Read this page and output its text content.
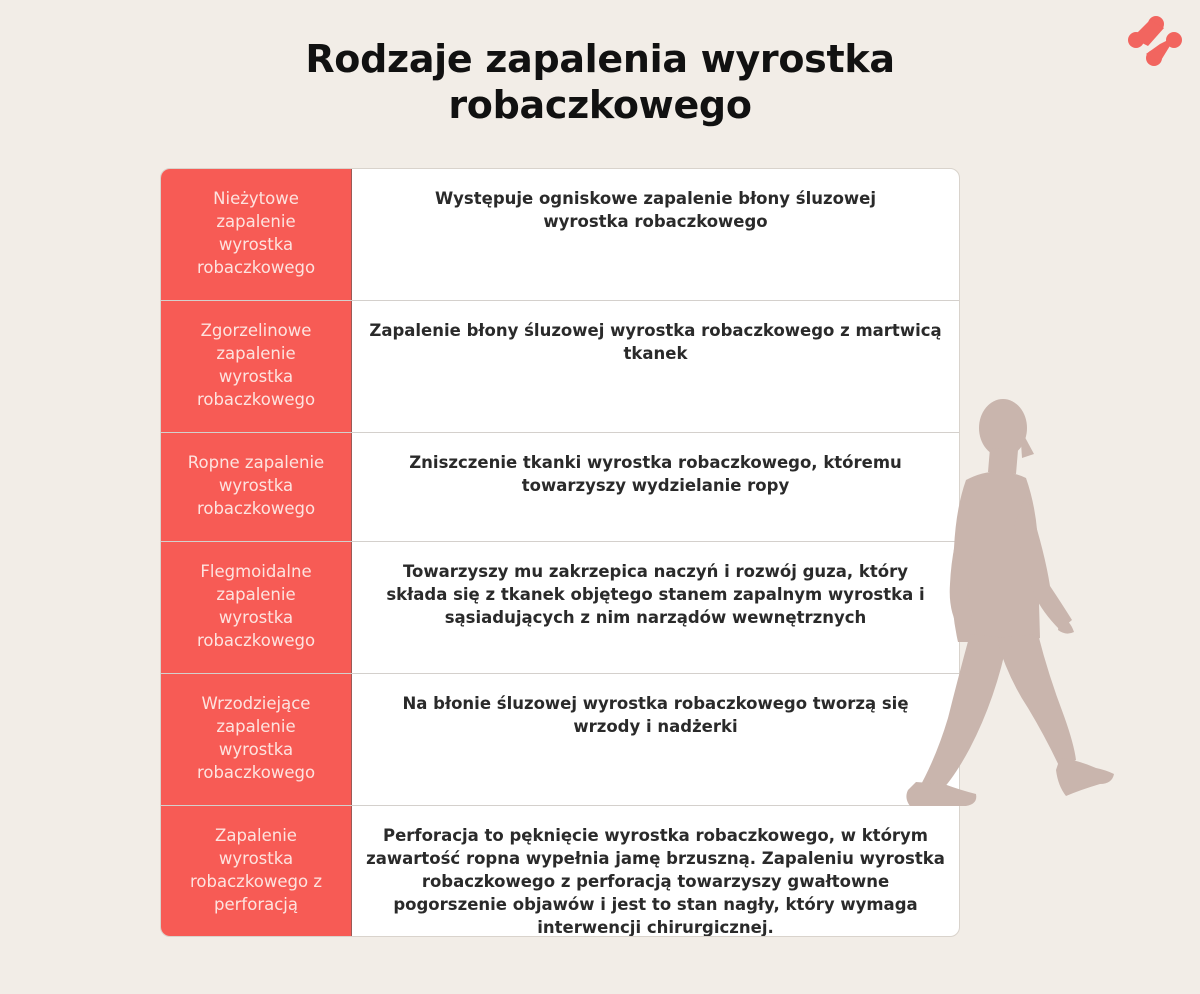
Rodzaje zapalenia wyrostka robaczkowego
Nieżytowe zapalenie wyrostka robaczkowego
Występuje ogniskowe zapalenie błony śluzowej wyrostka robaczkowego
Zgorzelinowe zapalenie wyrostka robaczkowego
Zapalenie błony śluzowej wyrostka robaczkowego z martwicą tkanek
Ropne zapalenie wyrostka robaczkowego
Zniszczenie tkanki wyrostka robaczkowego, któremu towarzyszy wydzielanie ropy
Flegmoidalne zapalenie wyrostka robaczkowego
Towarzyszy mu zakrzepica naczyń i rozwój guza, który składa się z tkanek objętego stanem zapalnym wyrostka i sąsiadujących z nim narządów wewnętrznych
Wrzodziejące zapalenie wyrostka robaczkowego
Na błonie śluzowej wyrostka robaczkowego tworzą się wrzody i nadżerki
Zapalenie wyrostka robaczkowego z perforacją
Perforacja to pęknięcie wyrostka robaczkowego, w którym zawartość ropna wypełnia jamę brzuszną. Zapaleniu wyrostka robaczkowego z perforacją towarzyszy gwałtowne pogorszenie objawów i jest to stan nagły, który wymaga interwencji chirurgicznej.
